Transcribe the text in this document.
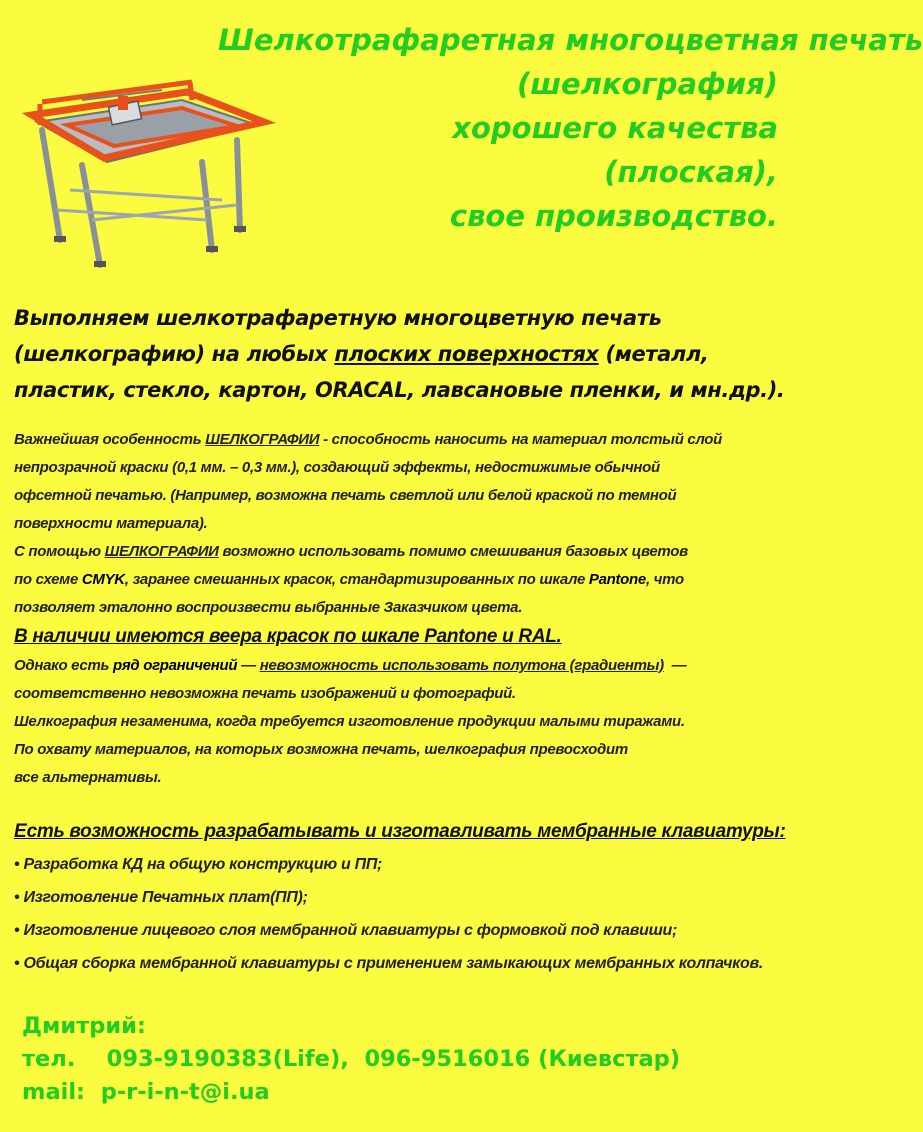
Шелкотрафаретная многоцветная печать
(шелкография)
хорошего качества
(плоская),
свое производство.
Выполняем шелкотрафаретную многоцветную печать
(шелкографию) на любых плоских поверхностях (металл,
пластик, стекло, картон, ORACAL, лавсановые пленки, и мн.др.).
Важнейшая особенность ШЕЛКОГРАФИИ - способность наносить на материал толстый слой
непрозрачной краски (0,1 мм. – 0,3 мм.), создающий эффекты, недостижимые обычной
офсетной печатью. (Например, возможна печать светлой или белой краской по темной
поверхности материала).
С помощью ШЕЛКОГРАФИИ возможно использовать помимо смешивания базовых цветов
по схеме CMYK, заранее смешанных красок, стандартизированных по шкале Pantone, что
позволяет эталонно воспроизвести выбранные Заказчиком цвета.
В наличии имеются веера красок по шкале Pantone и RAL.
Однако есть ряд ограничений — невозможность использовать полутона (градиенты)  —
соответственно невозможна печать изображений и фотографий.
Шелкография незаменима, когда требуется изготовление продукции малыми тиражами.
По охвату материалов, на которых возможна печать, шелкография превосходит
все альтернативы.
Есть возможность разрабатывать и изготавливать мембранные клавиатуры:
• Разработка КД на общую конструкцию и ПП;
• Изготовление Печатных плат(ПП);
• Изготовление лицевого слоя мембранной клавиатуры с формовкой под клавиши;
• Общая сборка мембранной клавиатуры с применением замыкающих мембранных колпачков.
Дмитрий:
тел. 093-9190383(Life),  096-9516016 (Киевстар)
mail: p-r-i-n-t@i.ua
